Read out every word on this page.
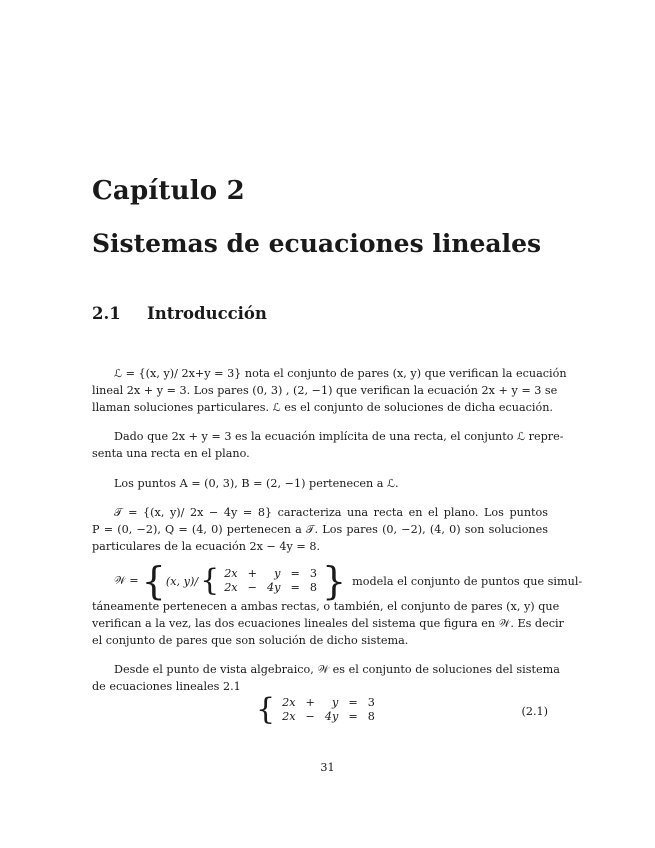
Capítulo 2
Sistemas de ecuaciones lineales
2.1 Introducción
ℒ = {(x, y)/ 2x+y = 3} nota el conjunto de pares (x, y) que verifican la ecuación
lineal 2x + y = 3. Los pares (0, 3) , (2, −1) que verifican la ecuación 2x + y = 3 se
llaman soluciones particulares. ℒ es el conjunto de soluciones de dicha ecuación.
Dado que 2x + y = 3 es la ecuación implícita de una recta, el conjunto ℒ repre-
senta una recta en el plano.
Los puntos A = (0, 3), B = (2, −1) pertenecen a ℒ.
𝒯 = {(x, y)/ 2x − 4y = 8} caracteriza una recta en el plano. Los puntos
P = (0, −2), Q = (4, 0) pertenecen a 𝒯. Los pares (0, −2), (4, 0) son soluciones
particulares de la ecuación 2x − 4y = 8.
𝒲 = { (x, y)/ { 2x	+	y	=	3
2x	−	4y	=	8 } modela el conjunto de puntos que simul-
táneamente pertenecen a ambas rectas, o también, el conjunto de pares (x, y) que
verifican a la vez, las dos ecuaciones lineales del sistema que figura en 𝒲. Es decir
el conjunto de pares que son solución de dicho sistema.
Desde el punto de vista algebraico, 𝒲 es el conjunto de soluciones del sistema
de ecuaciones lineales 2.1
{ 2x	+	y	=	3
2x	−	4y	=	8	(2.1)
31
